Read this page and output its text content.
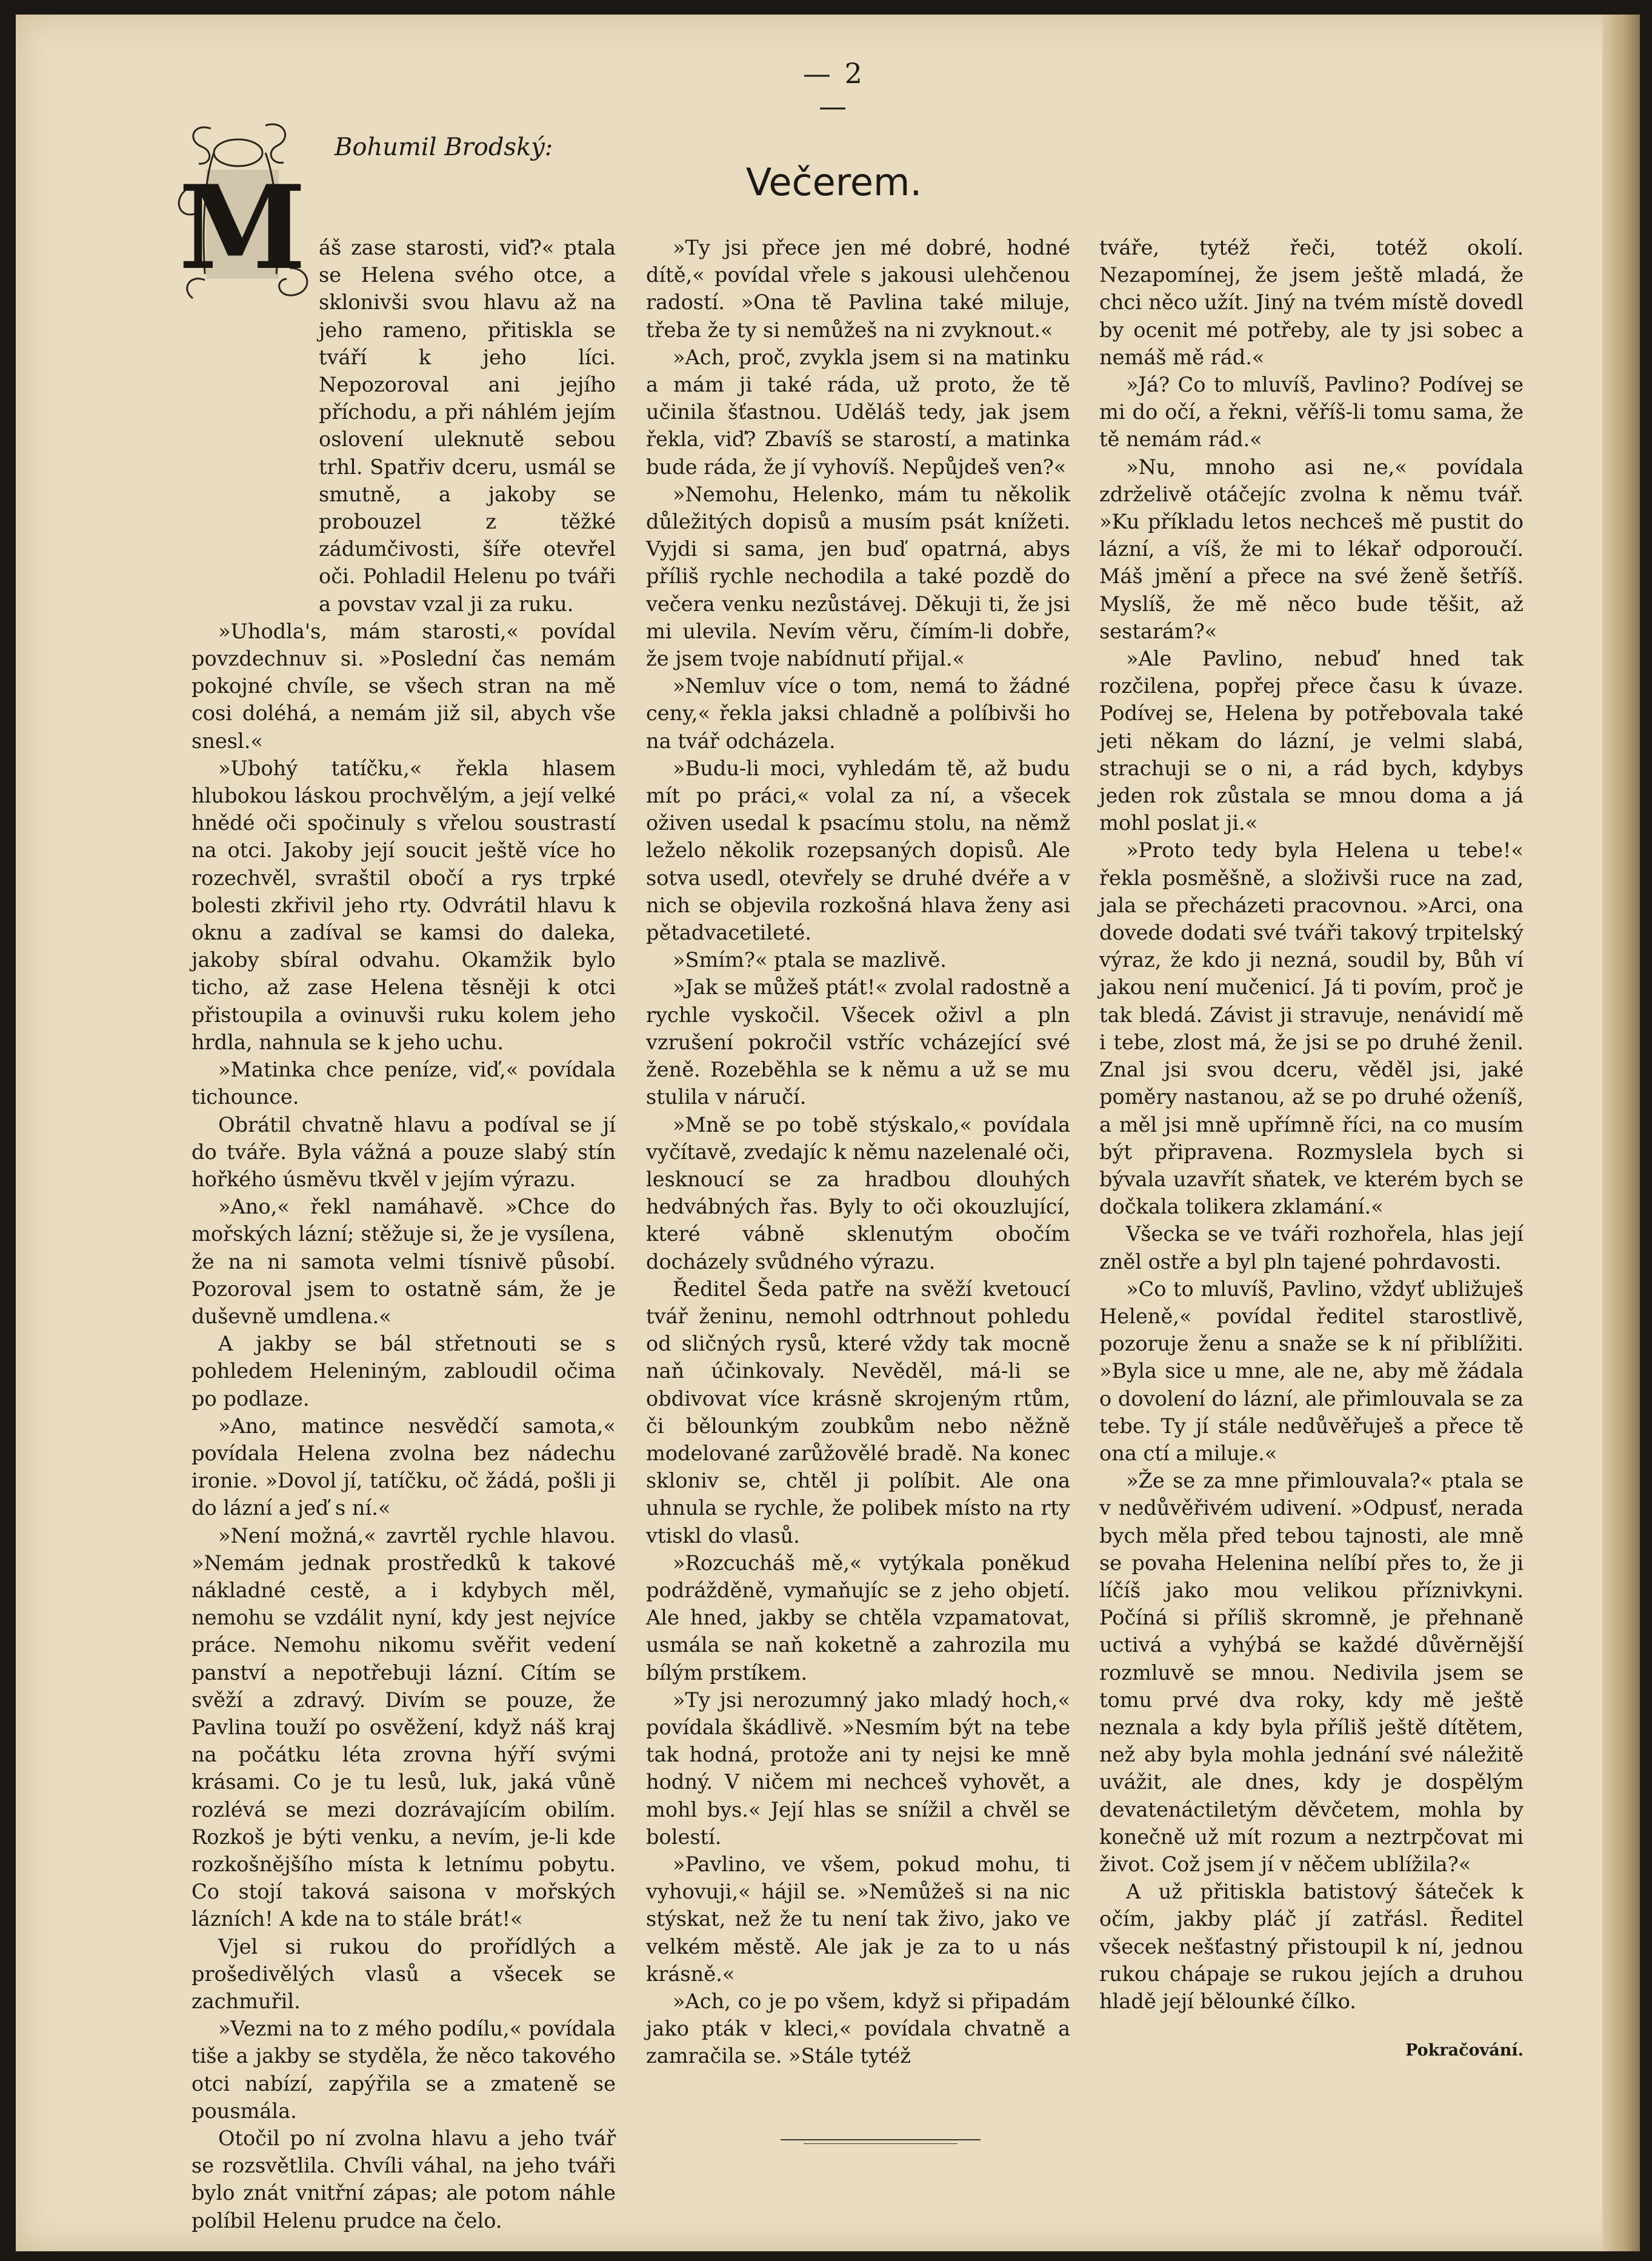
— 2 —
M
Bohumil Brodský:
Večerem.

áš zase starosti, viď?« ptala se Helena svého otce, a sklonivši svou hlavu až na jeho rameno, přitiskla se tváří k jeho líci. Nepozoroval ani jejího příchodu, a při náhlém jejím oslovení uleknutě sebou trhl. Spatřiv dceru, usmál se smutně, a jakoby se probouzel z těžké zádumčivosti, šíře otevřel oči. Pohladil Helenu po tváři a povstav vzal ji za ruku.

»Uhodla's, mám starosti,« povídal povzdechnuv si. »Poslední čas nemám pokojné chvíle, se všech stran na mě cosi doléhá, a nemám již sil, abych vše snesl.«

»Ubohý tatíčku,« řekla hlasem hlubokou láskou prochvělým, a její velké hnědé oči spočinuly s vřelou soustrastí na otci. Jakoby její soucit ještě více ho rozechvěl, svraštil obočí a rys trpké bolesti zkřivil jeho rty. Odvrátil hlavu k oknu a zadíval se kamsi do daleka, jakoby sbíral odvahu. Okamžik bylo ticho, až zase Helena těsněji k otci přistoupila a ovinuvši ruku kolem jeho hrdla, nahnula se k jeho uchu.

»Matinka chce peníze, viď,« povídala tichounce.

Obrátil chvatně hlavu a podíval se jí do tváře. Byla vážná a pouze slabý stín hořkého úsměvu tkvěl v jejím výrazu.

»Ano,« řekl namáhavě. »Chce do mořských lázní; stěžuje si, že je vysílena, že na ni samota velmi tísnivě působí. Pozoroval jsem to ostatně sám, že je duševně umdlena.«

A jakby se bál střetnouti se s pohledem Heleniným, zabloudil očima po podlaze.

»Ano, matince nesvědčí samota,« povídala Helena zvolna bez nádechu ironie. »Dovol jí, tatíčku, oč žádá, pošli ji do lázní a jeď s ní.«

»Není možná,« zavrtěl rychle hlavou. »Nemám jednak prostředků k takové nákladné cestě, a i kdybych měl, nemohu se vzdálit nyní, kdy jest nejvíce práce. Nemohu nikomu svěřit vedení panství a nepotřebuji lázní. Cítím se svěží a zdravý. Divím se pouze, že Pavlina touží po osvěžení, když náš kraj na počátku léta zrovna hýří svými krásami. Co je tu lesů, luk, jaká vůně rozlévá se mezi dozrávajícím obilím. Rozkoš je býti venku, a nevím, je-li kde rozkošnějšího místa k letnímu pobytu. Co stojí taková saisona v mořských lázních! A kde na to stále brát!«

Vjel si rukou do prořídlých a prošedivělých vlasů a všecek se zachmuřil.

»Vezmi na to z mého podílu,« povídala tiše a jakby se styděla, že něco takového otci nabízí, zapýřila se a zmateně se pousmála.

Otočil po ní zvolna hlavu a jeho tvář se rozsvětlila. Chvíli váhal, na jeho tváři bylo znát vnitřní zápas; ale potom náhle políbil Helenu prudce na čelo.

»Ty jsi přece jen mé dobré, hodné dítě,« povídal vřele s jakousi ulehčenou radostí. »Ona tě Pavlina také miluje, třeba že ty si nemůžeš na ni zvyknout.«

»Ach, proč, zvykla jsem si na matinku a mám ji také ráda, už proto, že tě učinila šťastnou. Uděláš tedy, jak jsem řekla, viď? Zbavíš se starostí, a matinka bude ráda, že jí vyhovíš. Nepůjdeš ven?«

»Nemohu, Helenko, mám tu několik důležitých dopisů a musím psát knížeti. Vyjdi si sama, jen buď opatrná, abys příliš rychle nechodila a také pozdě do večera venku nezůstávej. Děkuji ti, že jsi mi ulevila. Nevím věru, čímím-li dobře, že jsem tvoje nabídnutí přijal.«

»Nemluv více o tom, nemá to žádné ceny,« řekla jaksi chladně a políbivši ho na tvář odcházela.

»Budu-li moci, vyhledám tě, až budu mít po práci,« volal za ní, a všecek oživen usedal k psacímu stolu, na němž leželo několik rozepsaných dopisů. Ale sotva usedl, otevřely se druhé dvéře a v nich se objevila rozkošná hlava ženy asi pětadvacetileté.

»Smím?« ptala se mazlivě.

»Jak se můžeš ptát!« zvolal radostně a rychle vyskočil. Všecek oživl a pln vzrušení pokročil vstříc vcházející své ženě. Rozeběhla se k němu a už se mu stulila v náručí.

»Mně se po tobě stýskalo,« povídala vyčítavě, zvedajíc k němu nazelenalé oči, lesknoucí se za hradbou dlouhých hedvábných řas. Byly to oči okouzlující, které vábně sklenutým obočím docházely svůdného výrazu.

Ředitel Šeda patře na svěží kvetoucí tvář ženinu, nemohl odtrhnout pohledu od sličných rysů, které vždy tak mocně naň účinkovaly. Nevěděl, má-li se obdivovat více krásně skrojeným rtům, či bělounkým zoubkům nebo něžně modelované zarůžovělé bradě. Na konec skloniv se, chtěl ji políbit. Ale ona uhnula se rychle, že polibek místo na rty vtiskl do vlasů.

»Rozcucháš mě,« vytýkala poněkud podrážděně, vymaňujíc se z jeho objetí. Ale hned, jakby se chtěla vzpamatovat, usmála se naň koketně a zahrozila mu bílým prstíkem.

»Ty jsi nerozumný jako mladý hoch,« povídala škádlivě. »Nesmím být na tebe tak hodná, protože ani ty nejsi ke mně hodný. V ničem mi nechceš vyhovět, a mohl bys.« Její hlas se snížil a chvěl se bolestí.

»Pavlino, ve všem, pokud mohu, ti vyhovuji,« hájil se. »Nemůžeš si na nic stýskat, než že tu není tak živo, jako ve velkém městě. Ale jak je za to u nás krásně.«

»Ach, co je po všem, když si připadám jako pták v kleci,« povídala chvatně a zamračila se. »Stále tytéž

tváře, tytéž řeči, totéž okolí. Nezapomínej, že jsem ještě mladá, že chci něco užít. Jiný na tvém místě dovedl by ocenit mé potřeby, ale ty jsi sobec a nemáš mě rád.«

»Já? Co to mluvíš, Pavlino? Podívej se mi do očí, a řekni, věříš-li tomu sama, že tě nemám rád.«

»Nu, mnoho asi ne,« povídala zdrželivě otáčejíc zvolna k němu tvář. »Ku příkladu letos nechceš mě pustit do lázní, a víš, že mi to lékař odporoučí. Máš jmění a přece na své ženě šetříš. Myslíš, že mě něco bude těšit, až sestarám?«

»Ale Pavlino, nebuď hned tak rozčilena, popřej přece času k úvaze. Podívej se, Helena by potřebovala také jeti někam do lázní, je velmi slabá, strachuji se o ni, a rád bych, kdybys jeden rok zůstala se mnou doma a já mohl poslat ji.«

»Proto tedy byla Helena u tebe!« řekla posměšně, a složivši ruce na zad, jala se přecházeti pracovnou. »Arci, ona dovede dodati své tváři takový trpitelský výraz, že kdo ji nezná, soudil by, Bůh ví jakou není mučenicí. Já ti povím, proč je tak bledá. Závist ji stravuje, nenávidí mě i tebe, zlost má, že jsi se po druhé ženil. Znal jsi svou dceru, věděl jsi, jaké poměry nastanou, až se po druhé oženíš, a měl jsi mně upřímně říci, na co musím být připravena. Rozmyslela bych si bývala uzavřít sňatek, ve kterém bych se dočkala tolikera zklamání.«

Všecka se ve tváři rozhořela, hlas její zněl ostře a byl pln tajené pohrdavosti.

»Co to mluvíš, Pavlino, vždyť ubližuješ Heleně,« povídal ředitel starostlivě, pozoruje ženu a snaže se k ní přiblížiti. »Byla sice u mne, ale ne, aby mě žádala o dovolení do lázní, ale přimlouvala se za tebe. Ty jí stále nedůvěřuješ a přece tě ona ctí a miluje.«

»Že se za mne přimlouvala?« ptala se v nedůvěřivém udivení. »Odpusť, nerada bych měla před tebou tajnosti, ale mně se povaha Helenina nelíbí přes to, že ji líčíš jako mou velikou příznivkyni. Počíná si příliš skromně, je přehnaně uctivá a vyhýbá se každé důvěrnější rozmluvě se mnou. Nedivila jsem se tomu prvé dva roky, kdy mě ještě neznala a kdy byla příliš ještě dítětem, než aby byla mohla jednání své náležitě uvážit, ale dnes, kdy je dospělým devatenáctiletým děvčetem, mohla by konečně už mít rozum a neztrpčovat mi život. Což jsem jí v něčem ublížila?«

A už přitiskla batistový šáteček k očím, jakby pláč jí zatřásl. Ředitel všecek nešťastný přistoupil k ní, jednou rukou chápaje se rukou jejích a druhou hladě její bělounké čílko.

Pokračování.
